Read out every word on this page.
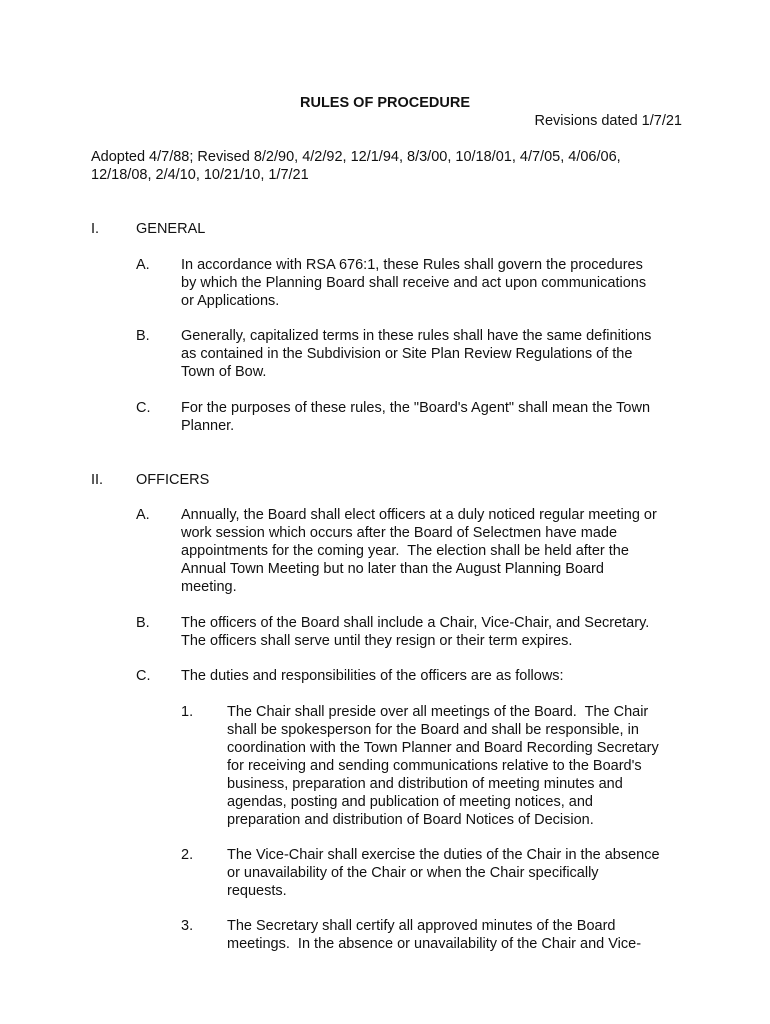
RULES OF PROCEDURE
Revisions dated 1/7/21
Adopted 4/7/88; Revised 8/2/90, 4/2/92, 12/1/94, 8/3/00, 10/18/01, 4/7/05, 4/06/06,
12/18/08, 2/4/10, 10/21/10, 1/7/21
I.	GENERAL
A. In accordance with RSA 676:1, these Rules shall govern the procedures
by which the Planning Board shall receive and act upon communications
or Applications.
B. Generally, capitalized terms in these rules shall have the same definitions
as contained in the Subdivision or Site Plan Review Regulations of the
Town of Bow.
C. For the purposes of these rules, the "Board's Agent" shall mean the Town
Planner.
II. OFFICERS
A. Annually, the Board shall elect officers at a duly noticed regular meeting or
work session which occurs after the Board of Selectmen have made
appointments for the coming year.  The election shall be held after the
Annual Town Meeting but no later than the August Planning Board
meeting.
B. The officers of the Board shall include a Chair, Vice-Chair, and Secretary.
The officers shall serve until they resign or their term expires.
C. The duties and responsibilities of the officers are as follows:
1. The Chair shall preside over all meetings of the Board.  The Chair
shall be spokesperson for the Board and shall be responsible, in
coordination with the Town Planner and Board Recording Secretary
for receiving and sending communications relative to the Board's
business, preparation and distribution of meeting minutes and
agendas, posting and publication of meeting notices, and
preparation and distribution of Board Notices of Decision.
2. The Vice-Chair shall exercise the duties of the Chair in the absence
or unavailability of the Chair or when the Chair specifically
requests.
3. The Secretary shall certify all approved minutes of the Board
meetings.  In the absence or unavailability of the Chair and Vice-
